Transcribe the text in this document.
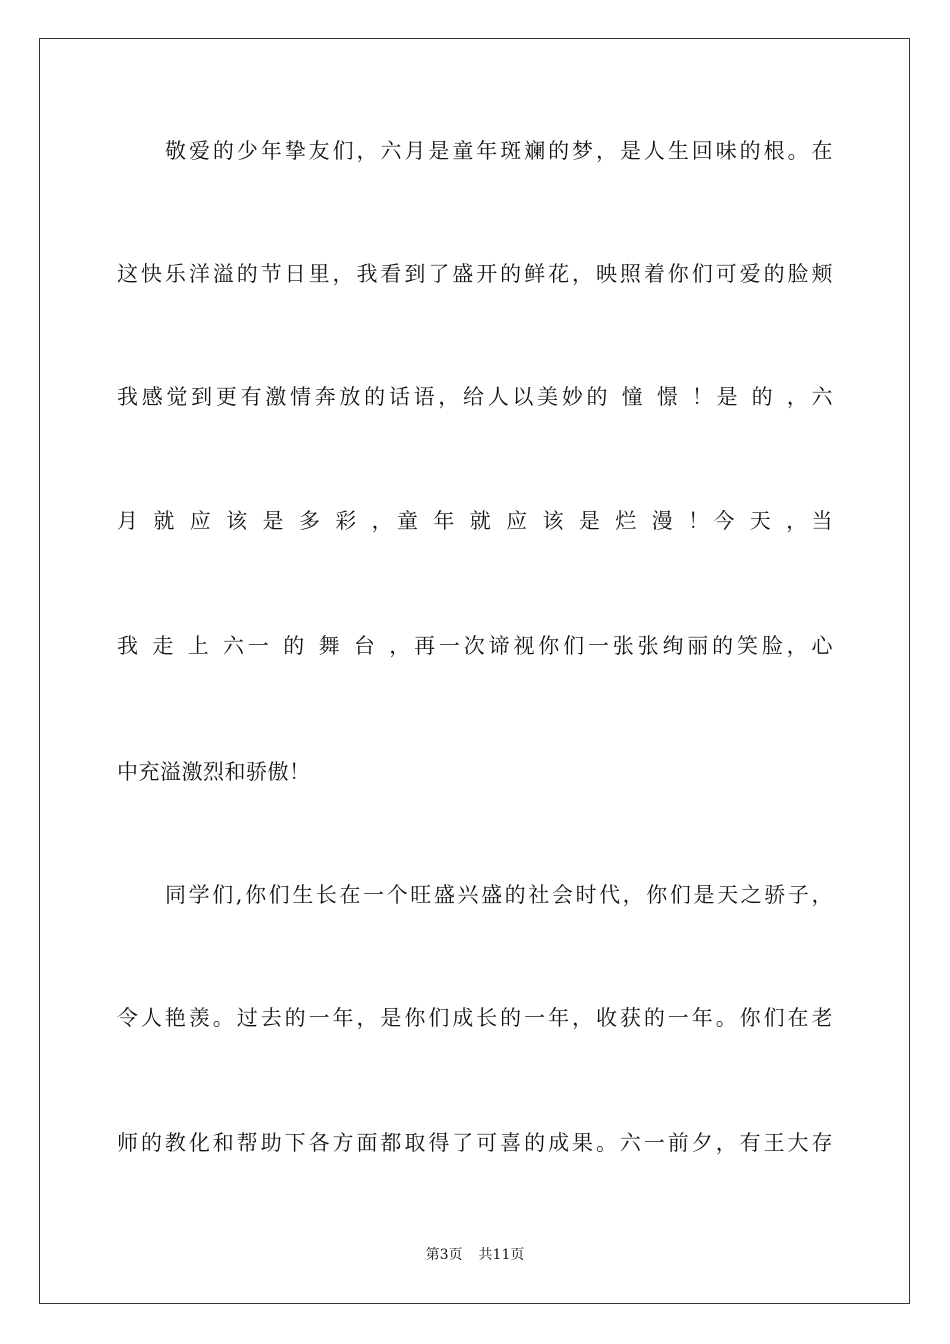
敬爱的少年挚友们，六月是童年斑斓的梦，是人生回味的根。在
这快乐洋溢的节日里，我看到了盛开的鲜花，映照着你们可爱的脸颊
我感觉到更有激情奔放的话语，给人以美妙的 憧 憬 ！是 的 ，六
月 就 应 该 是 多 彩 ，童 年 就 应 该 是 烂 漫 ！今 天 ，当
我 走 上 六一 的 舞 台 ，再一次谛视你们一张张绚丽的笑脸，心
中充溢激烈和骄傲！
同学们,你们生长在一个旺盛兴盛的社会时代，你们是天之骄子，
令人艳羡。过去的一年，是你们成长的一年，收获的一年。你们在老
师的教化和帮助下各方面都取得了可喜的成果。六一前夕，有王大存
第3页 共11页
